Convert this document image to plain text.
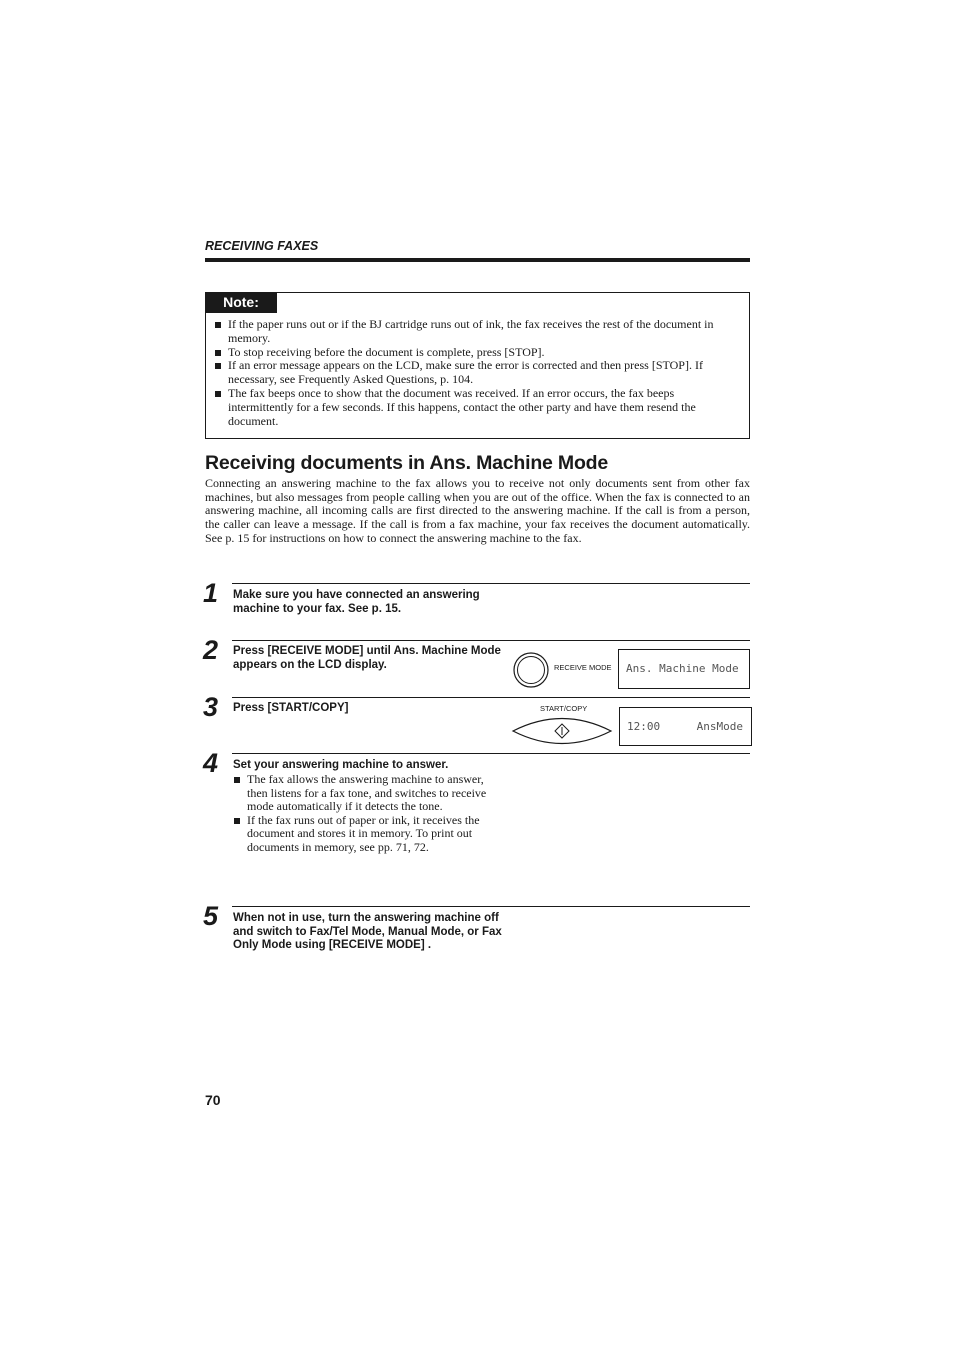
RECEIVING FAXES
Note:
If the paper runs out or if the BJ cartridge runs out of ink, the fax receives the rest of the document in memory.
To stop receiving before the document is complete, press [STOP].
If an error message appears on the LCD, make sure the error is corrected and then press [STOP]. If necessary, see Frequently Asked Questions, p. 104.
The fax beeps once to show that the document was received. If an error occurs, the fax beeps intermittently for a few seconds. If this happens, contact the other party and have them resend the document.
Receiving documents in Ans. Machine Mode

Connecting an answering machine to the fax allows you to receive not only documents sent from other fax machines, but also messages from people calling when you are out of the office. When the fax is connected to an answering machine, all incoming calls are first directed to the answering machine. If the call is from a person, the caller can leave a message. If the call is from a fax machine, your fax receives the document automatically. See p. 15 for instructions on how to connect the answering machine to the fax.

1 Make sure you have connected an answering machine to your fax. See p. 15.
2 Press [RECEIVE MODE] until Ans. Machine Mode appears on the LCD display.	RECEIVE MODE	Ans. Machine Mode
3 Press [START/COPY]	START/COPY
12:00	AnsMode
4 Set your answering machine to answer.
The fax allows the answering machine to answer, then listens for a fax tone, and switches to receive mode automatically if it detects the tone.
If the fax runs out of paper or ink, it receives the document and stores it in memory. To print out documents in memory, see pp. 71, 72.
5 When not in use, turn the answering machine off and switch to Fax/Tel Mode, Manual Mode, or Fax Only Mode using [RECEIVE MODE] .
70
